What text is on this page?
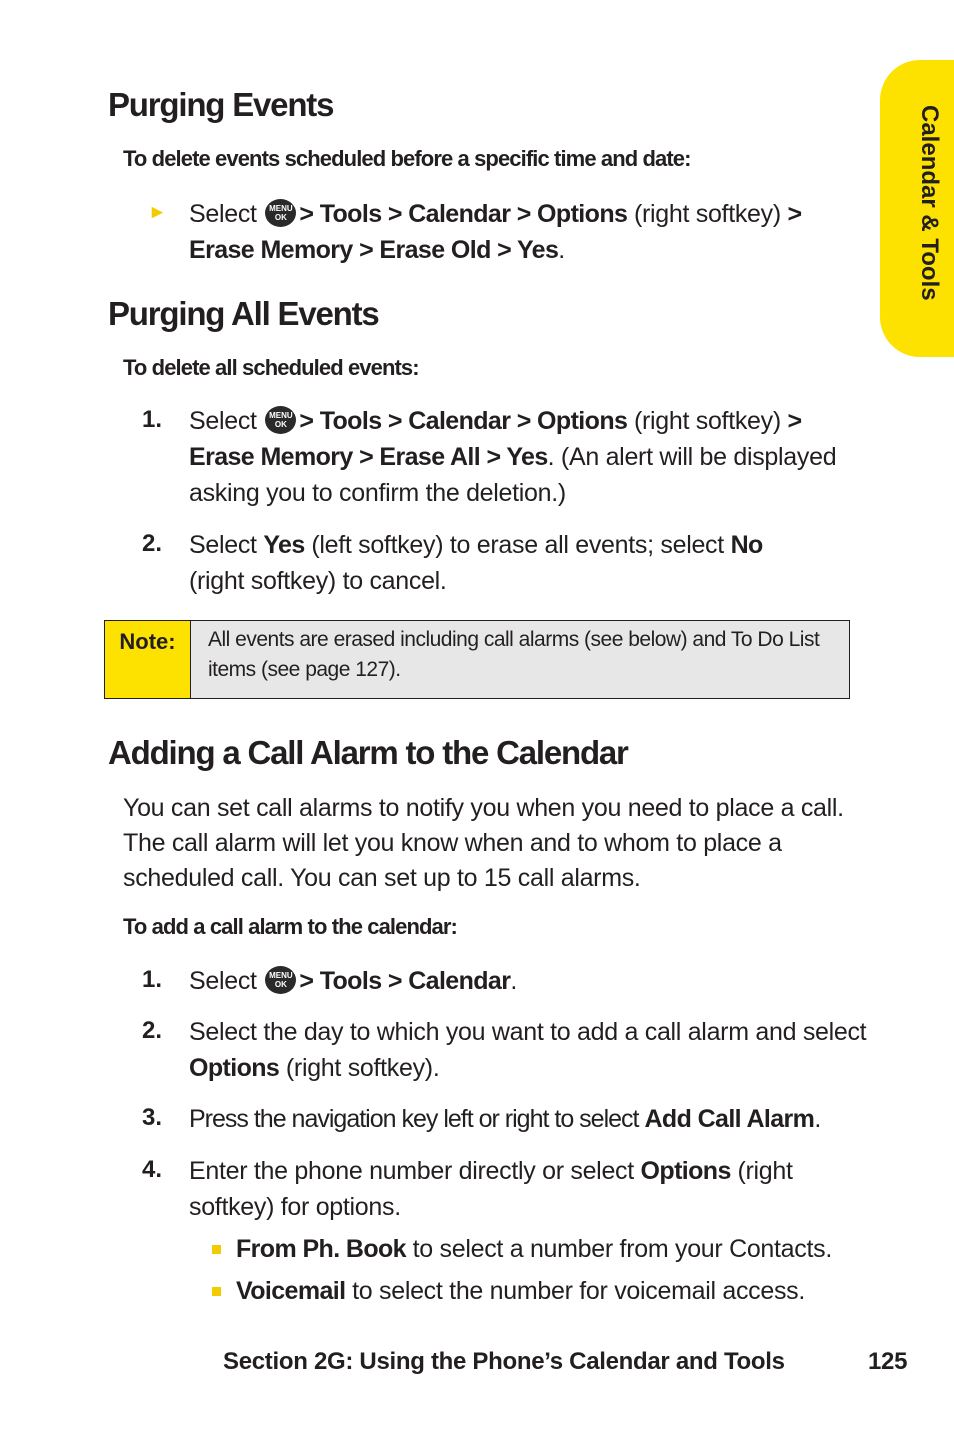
Calendar & Tools
Purging Events
To delete events scheduled before a specific time and date:
► Select	MENU
OK > Tools > Calendar > Options (right softkey) >
Erase Memory > Erase Old > Yes.
Purging All Events
To delete all scheduled events:
1. Select	MENU
OK > Tools > Calendar > Options (right softkey) >
Erase Memory > Erase All > Yes. (An alert will be displayed asking you to confirm the deletion.)
2. Select Yes (left softkey) to erase all events; select No
(right softkey) to cancel.
Note:	All events are erased including call alarms (see below) and To Do List items (see page 127).
Adding a Call Alarm to the Calendar
You can set call alarms to notify you when you need to place a call. The call alarm will let you know when and to whom to place a scheduled call. You can set up to 15 call alarms.
To add a call alarm to the calendar:
1. Select	MENU
OK > Tools > Calendar.
2. Select the day to which you want to add a call alarm and select Options (right softkey).
3. Press the navigation key left or right to select Add Call Alarm.
4. Enter the phone number directly or select Options (right softkey) for options.
From Ph. Book to select a number from your Contacts.
Voicemail to select the number for voicemail access.
Section 2G: Using the Phone’s Calendar and Tools	125
